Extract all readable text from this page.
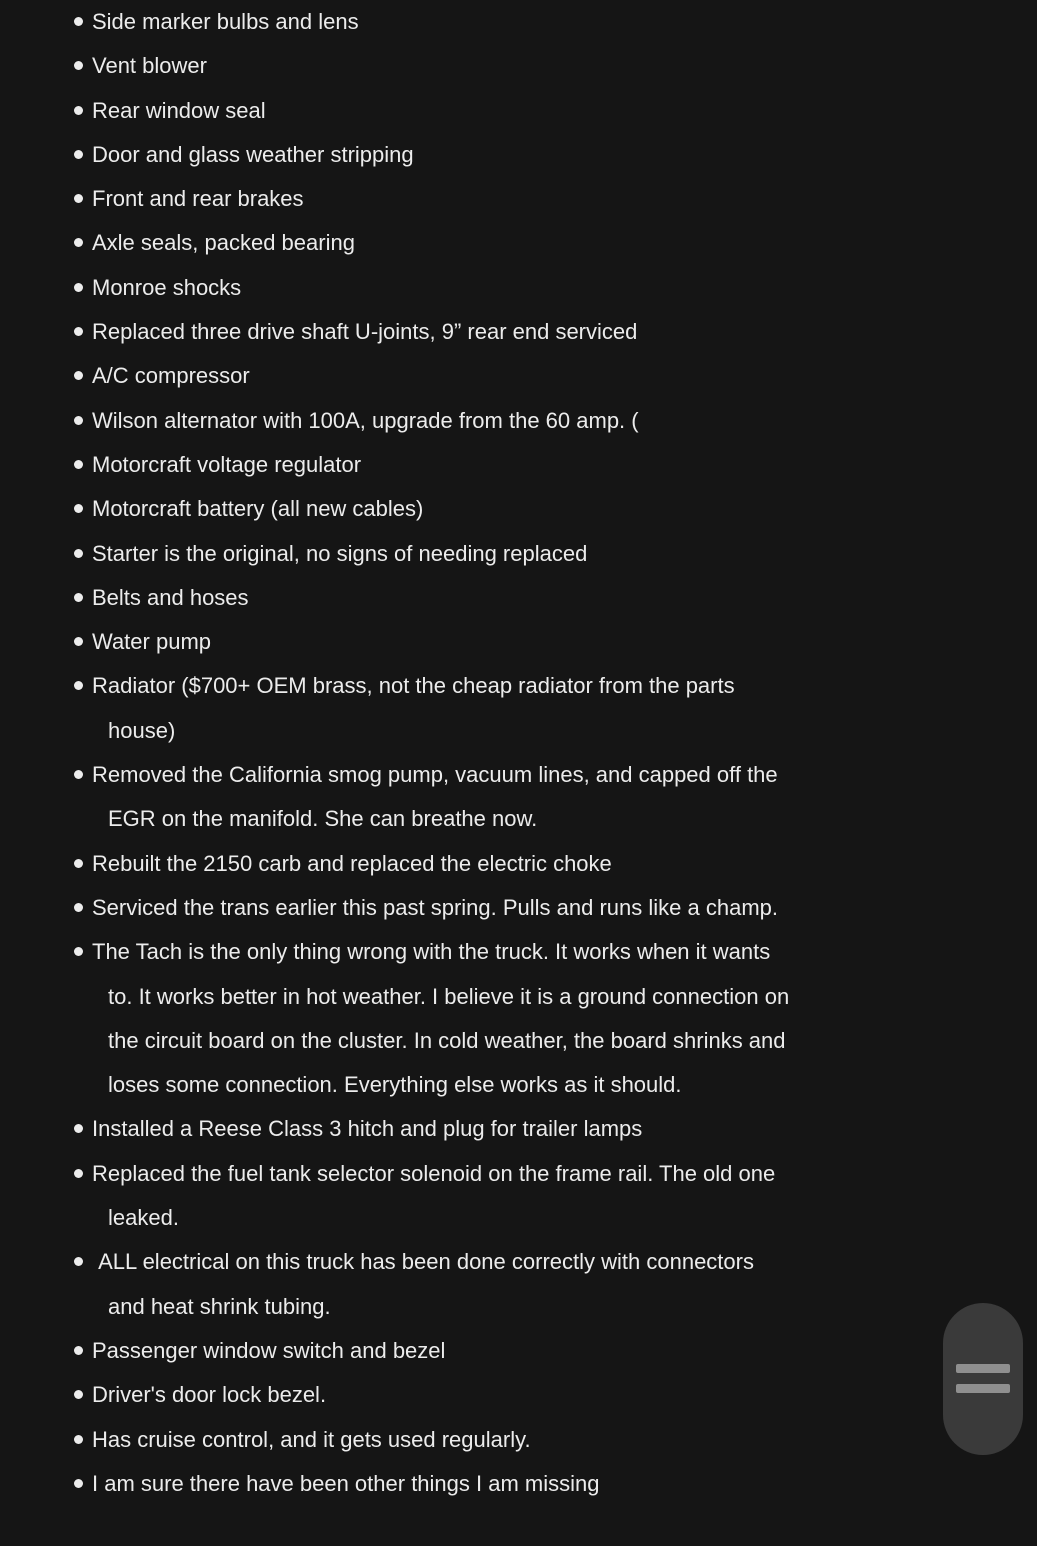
Side marker bulbs and lens
Vent blower
Rear window seal
Door and glass weather stripping
Front and rear brakes
Axle seals, packed bearing
Monroe shocks
Replaced three drive shaft U-joints, 9” rear end serviced
A/C compressor
Wilson alternator with 100A, upgrade from the 60 amp. (
Motorcraft voltage regulator
Motorcraft battery (all new cables)
Starter is the original, no signs of needing replaced
Belts and hoses
Water pump
Radiator ($700+ OEM brass, not the cheap radiator from the parts
house)
Removed the California smog pump, vacuum lines, and capped off the
EGR on the manifold. She can breathe now.
Rebuilt the 2150 carb and replaced the electric choke
Serviced the trans earlier this past spring. Pulls and runs like a champ.
The Tach is the only thing wrong with the truck. It works when it wants
to. It works better in hot weather. I believe it is a ground connection on
the circuit board on the cluster. In cold weather, the board shrinks and
loses some connection. Everything else works as it should.
Installed a Reese Class 3 hitch and plug for trailer lamps
Replaced the fuel tank selector solenoid on the frame rail. The old one
leaked.
ALL electrical on this truck has been done correctly with connectors
and heat shrink tubing.
Passenger window switch and bezel
Driver's door lock bezel.
Has cruise control, and it gets used regularly.
I am sure there have been other things I am missing
